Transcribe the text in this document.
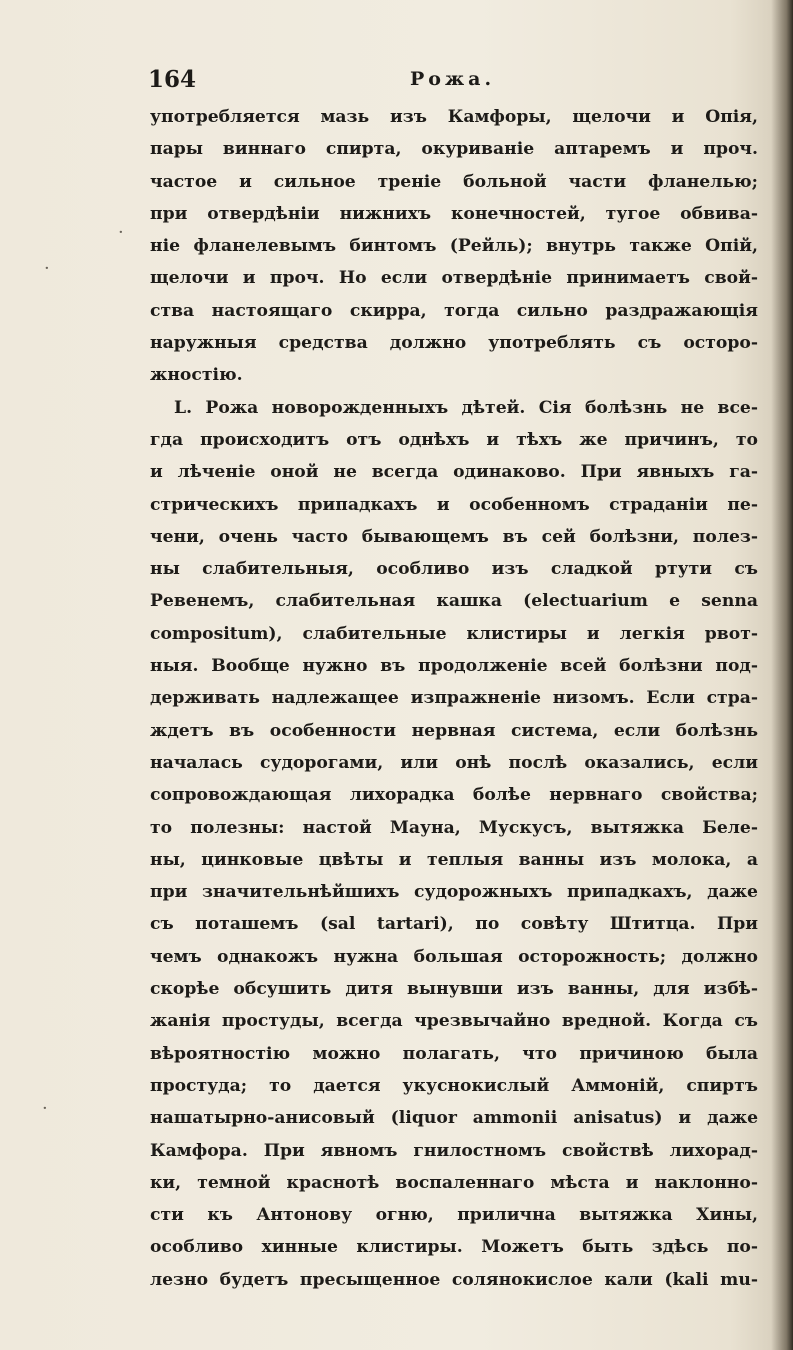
164	Рожа.
·
·
·
употребляется мазь изъ Камфоры, щелочи и Опія,
пары виннаго спирта, окуриваніе аптаремъ и проч.
частое и сильное треніе больной части фланелью;
при отвердѣніи нижнихъ конечностей, тугое обвива-
ніе фланелевымъ бинтомъ (Рейль); внутрь также Опій,
щелочи и проч. Но если отвердѣніе принимаетъ свой-
ства настоящаго скирра, тогда сильно раздражающія
наружныя средства должно употреблять съ осторо-
жностію.
L. Рожа новорожденныхъ дѣтей. Сія болѣзнь не все-
гда происходитъ отъ однѣхъ и тѣхъ же причинъ, то
и лѣченіе оной не всегда одинаково. При явныхъ га-
стрическихъ припадкахъ и особенномъ страданіи пе-
чени, очень часто бывающемъ въ сей болѣзни, полез-
ны слабительныя, особливо изъ сладкой ртути съ
Ревенемъ, слабительная кашка (electuarium e senna
compositum), слабительные клистиры и легкія рвот-
ныя. Вообще нужно въ продолженіе всей болѣзни под-
держивать надлежащее изпражненіе низомъ. Если стра-
ждетъ въ особенности нервная система, если болѣзнь
началась судорогами, или онѣ послѣ оказались, если
сопровождающая лихорадка болѣе нервнаго свойства;
то полезны: настой Мауна, Мускусъ, вытяжка Беле-
ны, цинковые цвѣты и теплыя ванны изъ молока, а
при значительнѣйшихъ судорожныхъ припадкахъ, даже
съ поташемъ (sal tartari), по совѣту Штитца. При
чемъ однакожъ нужна большая осторожность; должно
скорѣе обсушить дитя вынувши изъ ванны, для избѣ-
жанія простуды, всегда чрезвычайно вредной. Когда съ
вѣроятностію можно полагать, что причиною была
простуда; то дается укуснокислый Аммоній, спиртъ
нашатырно-анисовый (liquor ammonii anisatus) и даже
Камфора. При явномъ гнилостномъ свойствѣ лихорад-
ки, темной краснотѣ воспаленнаго мѣста и наклонно-
сти къ Антонову огню, прилична вытяжка Хины,
особливо хинные клистиры. Можетъ быть здѣсь по-
лезно будетъ пресыщенное солянокислое кали (kali mu-
